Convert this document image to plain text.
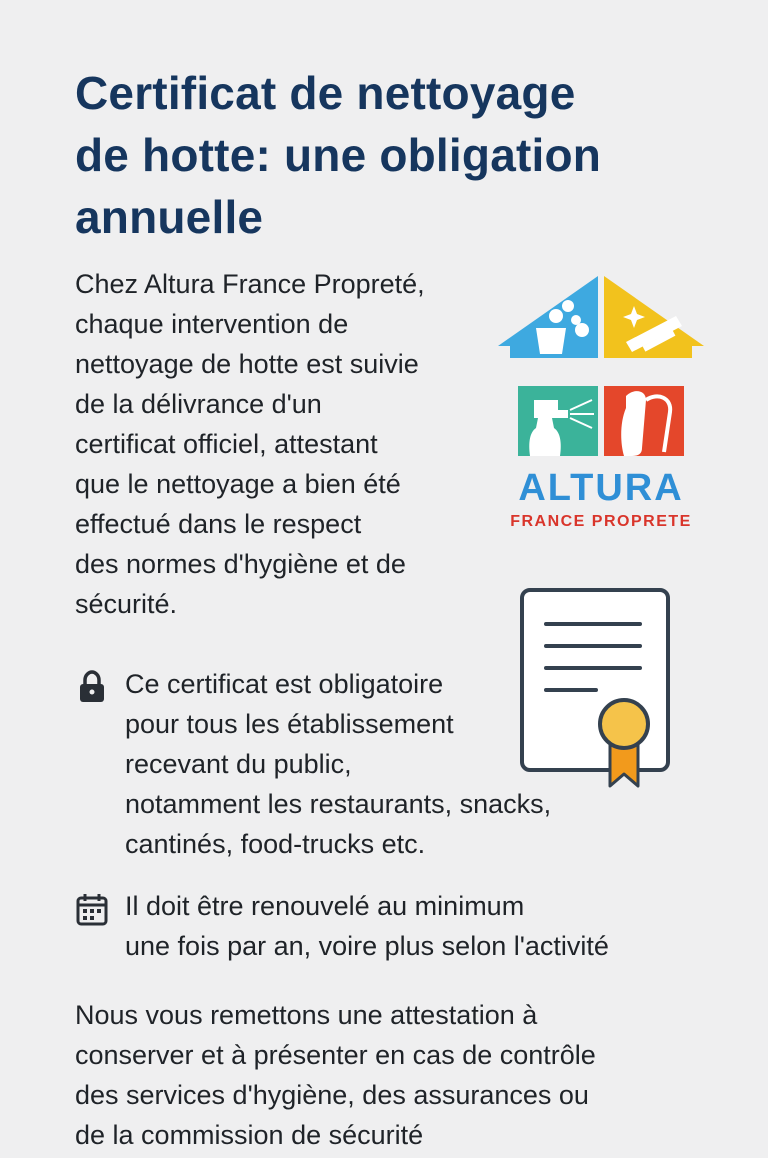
Certificat de nettoyage
de hotte: une obligation
annuelle
Chez Altura France Propreté,
chaque intervention de
nettoyage de hotte est suivie
de la délivrance d'un
certificat officiel, attestant
que le nettoyage a bien été
effectué dans le respect
des normes d'hygiène et de
sécurité.
ALTURA
FRANCE PROPRETE
Ce certificat est obligatoire
pour tous les établissement
recevant du public,
notamment les restaurants, snacks,
cantinés, food-trucks etc.
Il doit être renouvelé au minimum
une fois par an, voire plus selon l'activité
Nous vous remettons une attestation à
conserver et à présenter en cas de contrôle
des services d'hygiène, des assurances ou
de la commission de sécurité
